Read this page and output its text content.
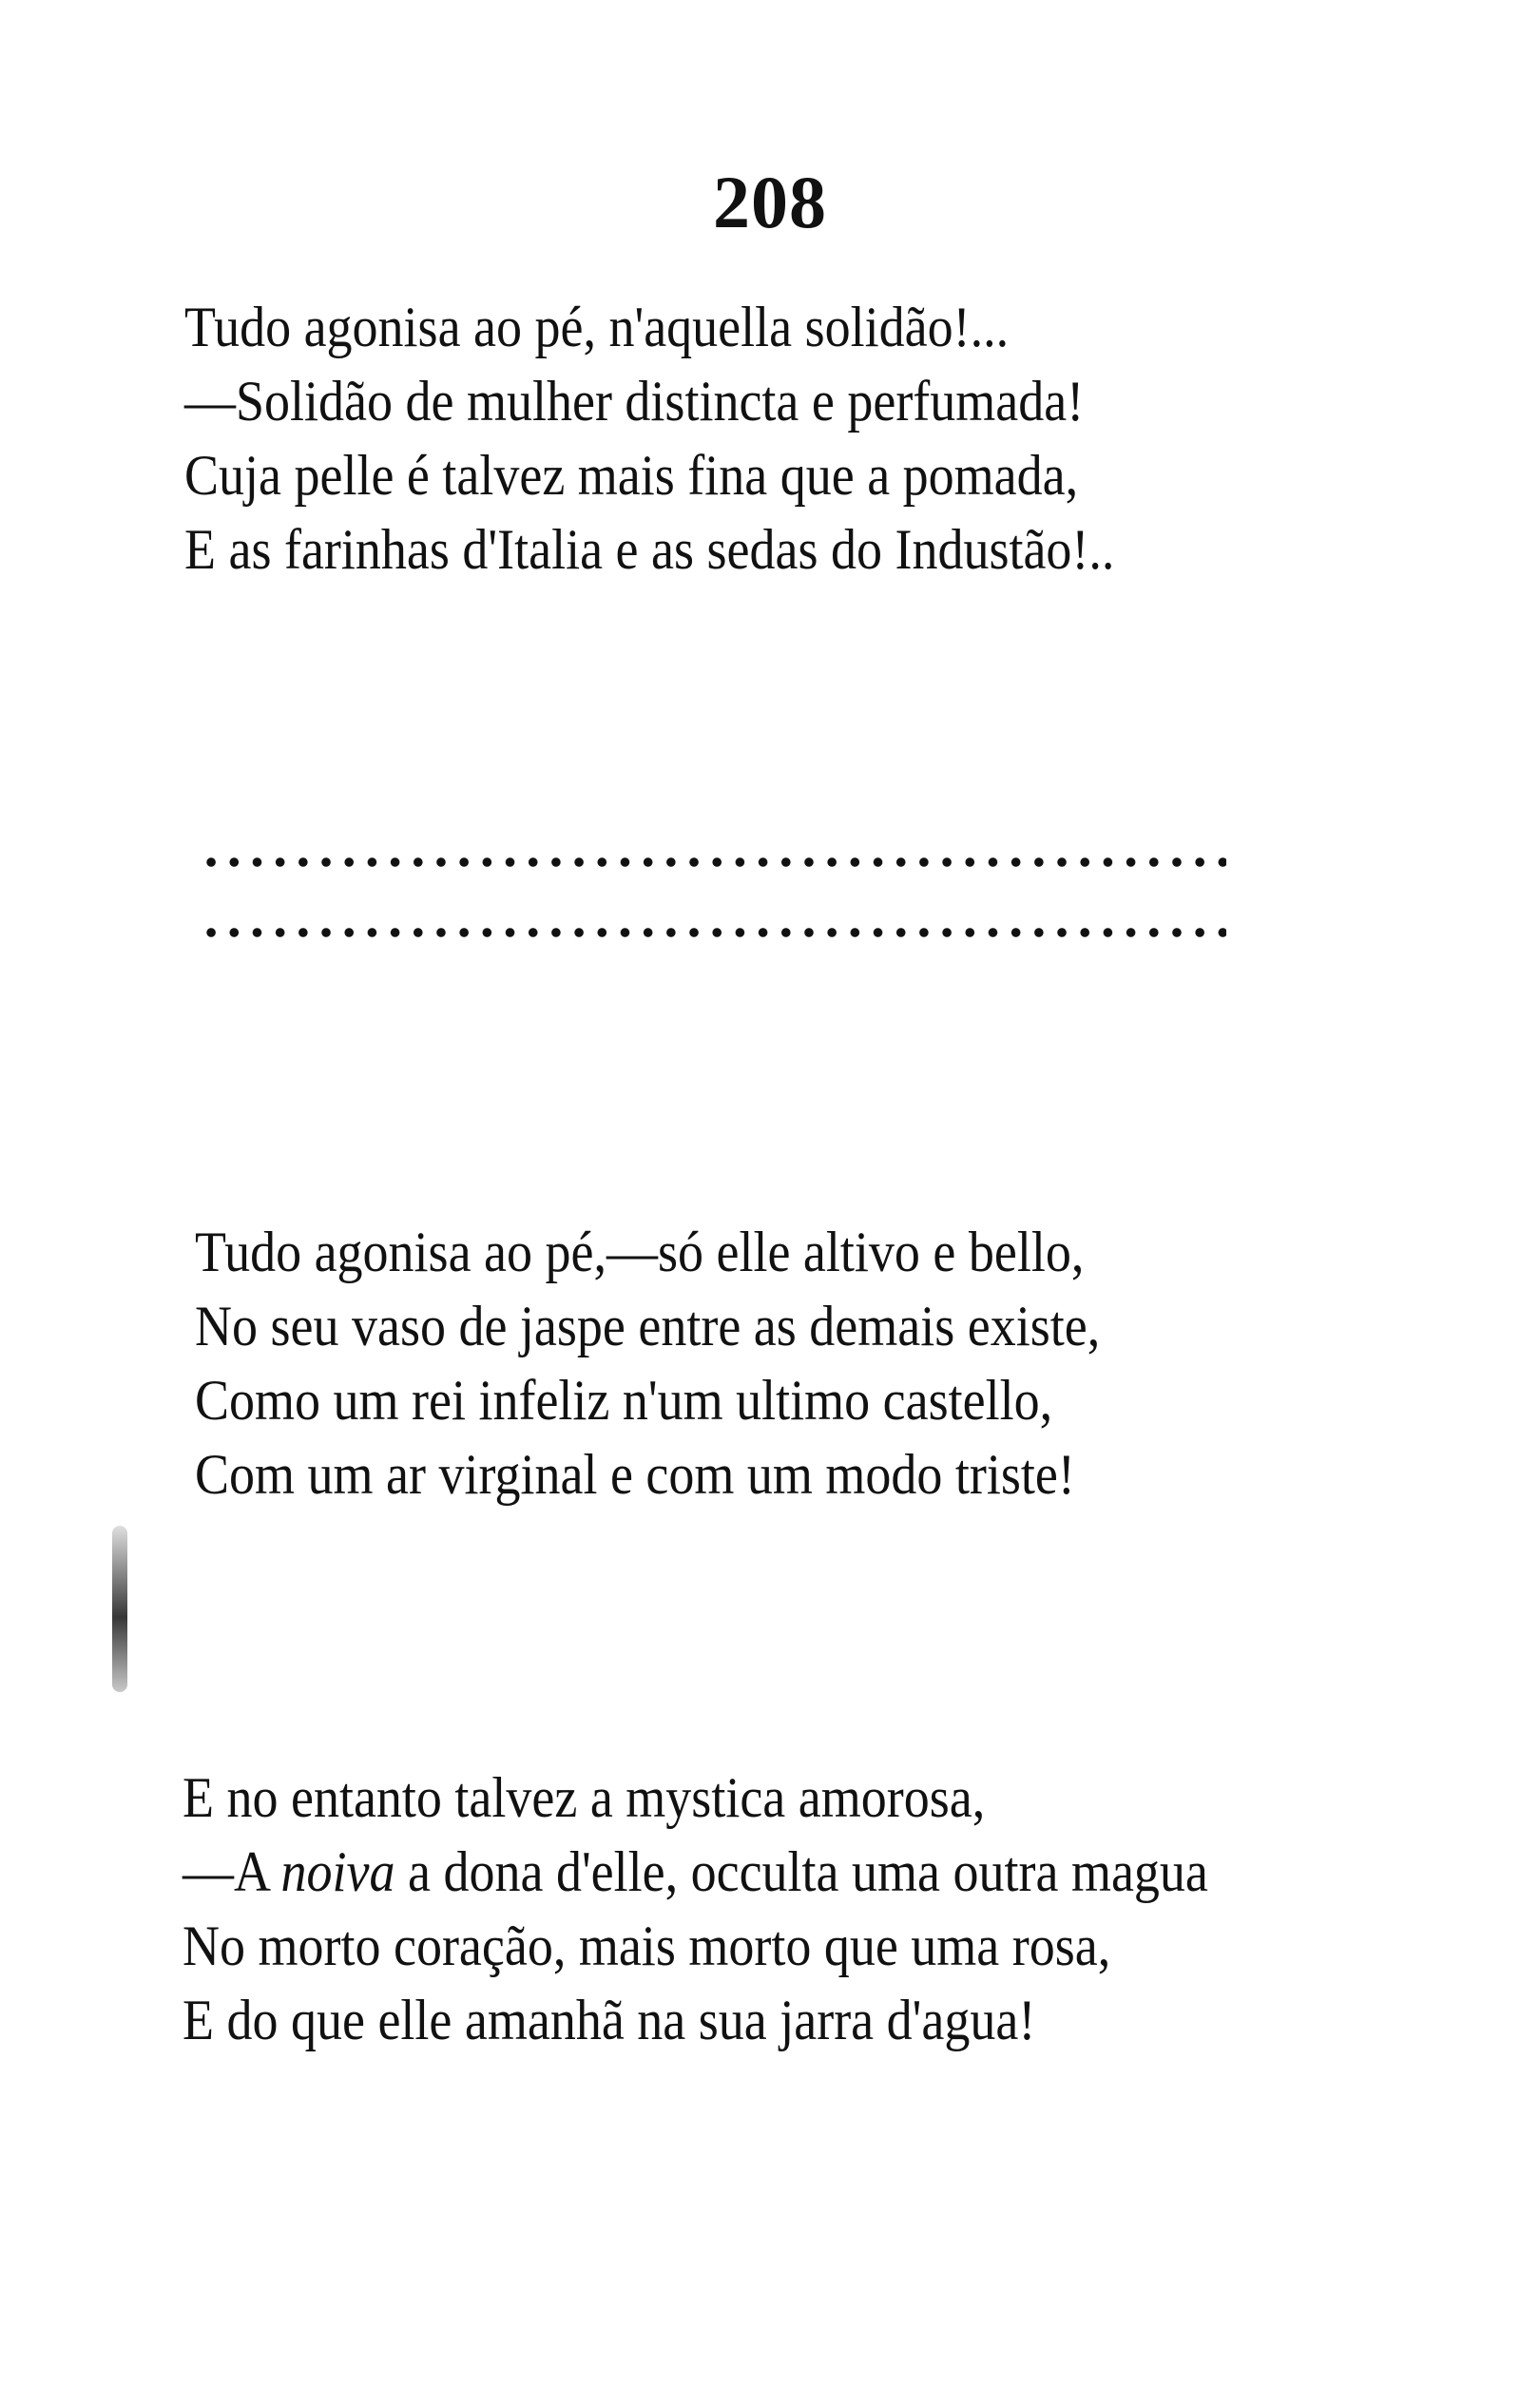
208
Tudo agonisa ao pé, n'aquella solidão!...
—Solidão de mulher distincta e perfumada!
Cuja pelle é talvez mais fina que a pomada,
E as farinhas d'Italia e as sedas do Industão!..
Tudo agonisa ao pé,—só elle altivo e bello,
No seu vaso de jaspe entre as demais existe,
Como um rei infeliz n'um ultimo castello,
Com um ar virginal e com um modo triste!
E no entanto talvez a mystica amorosa,
—A noiva a dona d'elle, occulta uma outra magua
No morto coração, mais morto que uma rosa,
E do que elle amanhã na sua jarra d'agua!
